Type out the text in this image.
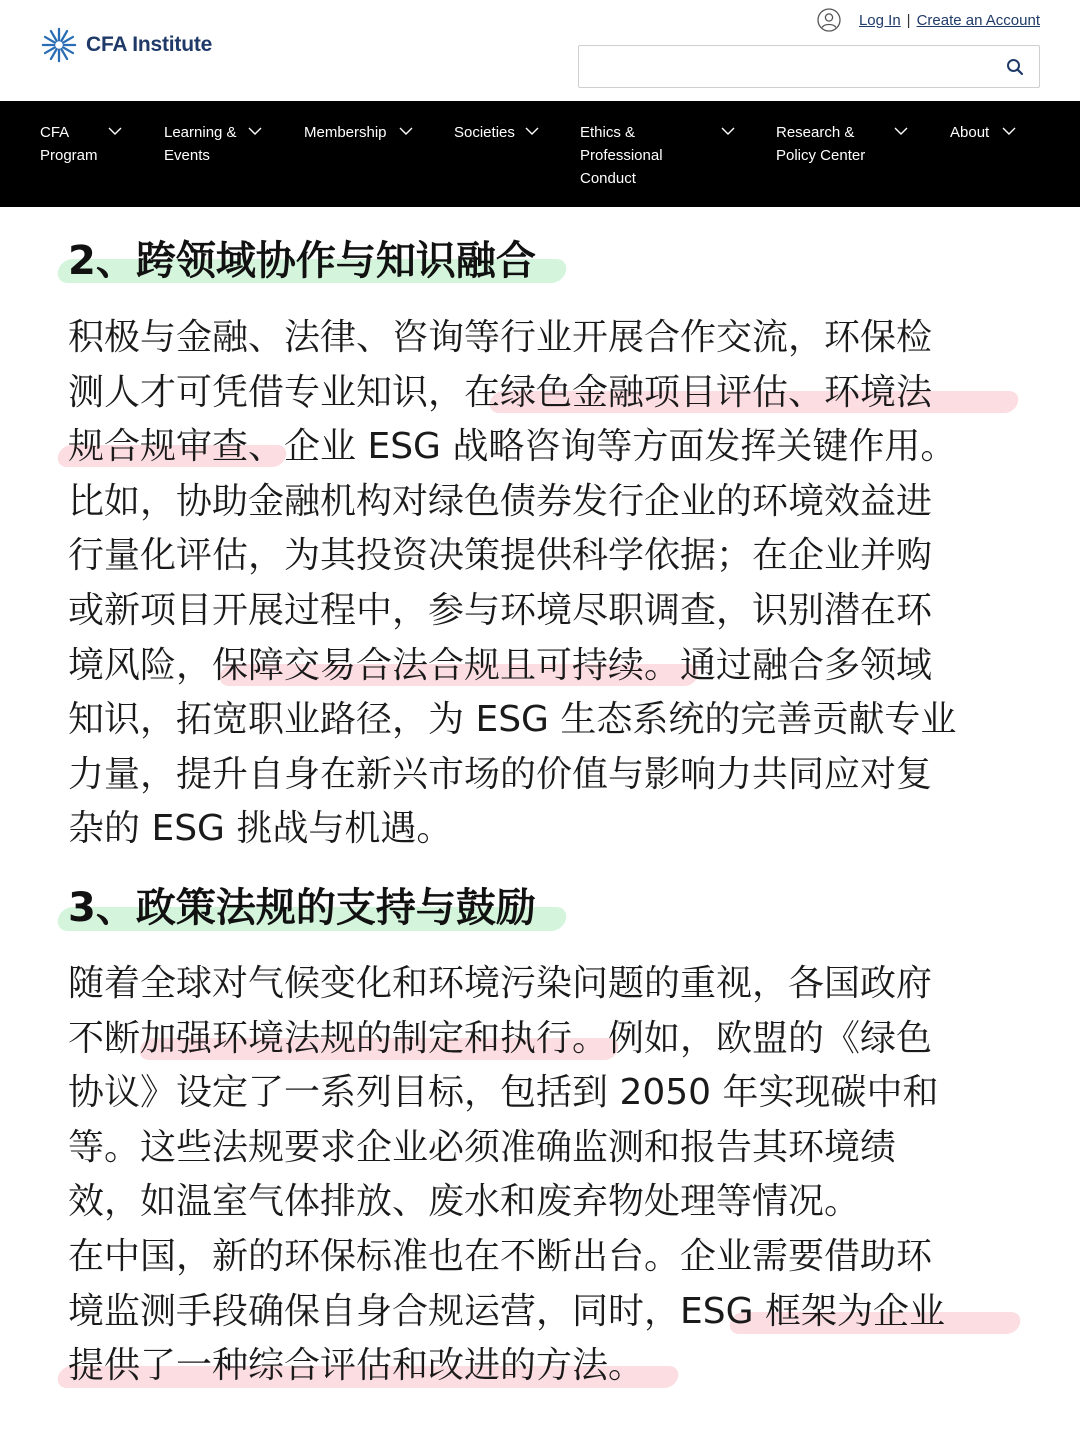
CFA Institute
Log In | Create an Account
CFA
Program
Learning &
Events
Membership	Societies	Ethics &
Professional
Conduct
Research &
Policy Center
About
2、跨领域协作与知识融合
积极与金融、法律、咨询等行业开展合作交流，环保检
测人才可凭借专业知识，在绿色金融项目评估、环境法
规合规审查、企业 ESG 战略咨询等方面发挥关键作用。
比如，协助金融机构对绿色债券发行企业的环境效益进
行量化评估，为其投资决策提供科学依据；在企业并购
或新项目开展过程中，参与环境尽职调查，识别潜在环
境风险，保障交易合法合规且可持续。通过融合多领域
知识，拓宽职业路径，为 ESG 生态系统的完善贡献专业
力量，提升自身在新兴市场的价值与影响力共同应对复
杂的 ESG 挑战与机遇。
3、政策法规的支持与鼓励
随着全球对气候变化和环境污染问题的重视，各国政府
不断加强环境法规的制定和执行。例如，欧盟的《绿色
协议》设定了一系列目标，包括到 2050 年实现碳中和
等。这些法规要求企业必须准确监测和报告其环境绩
效，如温室气体排放、废水和废弃物处理等情况。
在中国，新的环保标准也在不断出台。企业需要借助环
境监测手段确保自身合规运营，同时，ESG 框架为企业
提供了一种综合评估和改进的方法。
